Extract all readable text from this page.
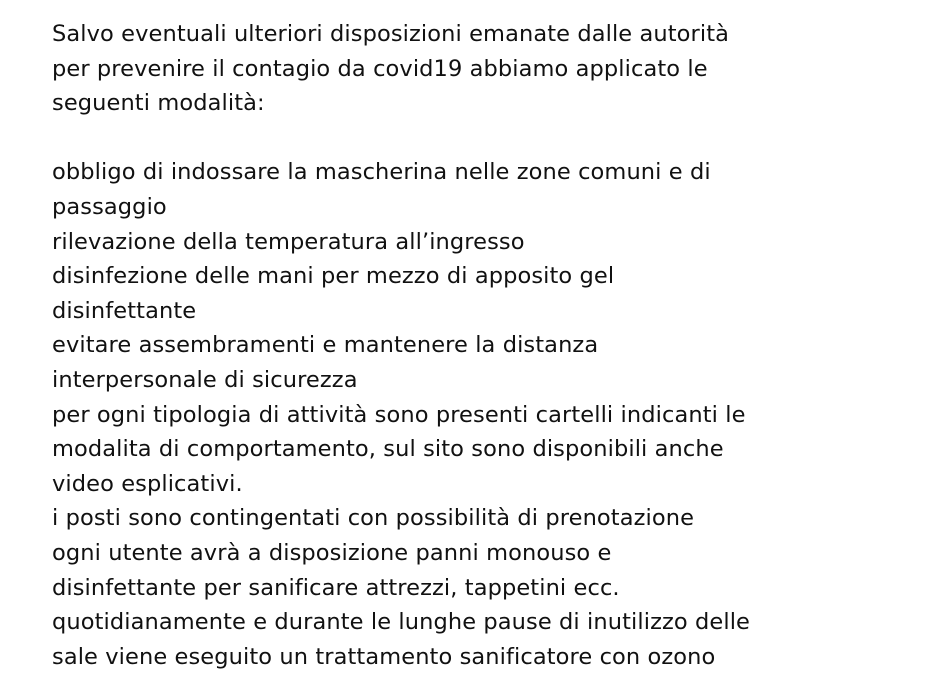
Salvo eventuali ulteriori disposizioni emanate dalle autorità
per prevenire il contagio da covid19 abbiamo applicato le
seguenti modalità:
obbligo di indossare la mascherina nelle zone comuni e di
passaggio
rilevazione della temperatura all’ingresso
disinfezione delle mani per mezzo di apposito gel
disinfettante
evitare assembramenti e mantenere la distanza
interpersonale di sicurezza
per ogni tipologia di attività sono presenti cartelli indicanti le
modalita di comportamento, sul sito sono disponibili anche
video esplicativi.
i posti sono contingentati con possibilità di prenotazione
ogni utente avrà a disposizione panni monouso e
disinfettante per sanificare attrezzi, tappetini ecc.
quotidianamente e durante le lunghe pause di inutilizzo delle
sale viene eseguito un trattamento sanificatore con ozono
